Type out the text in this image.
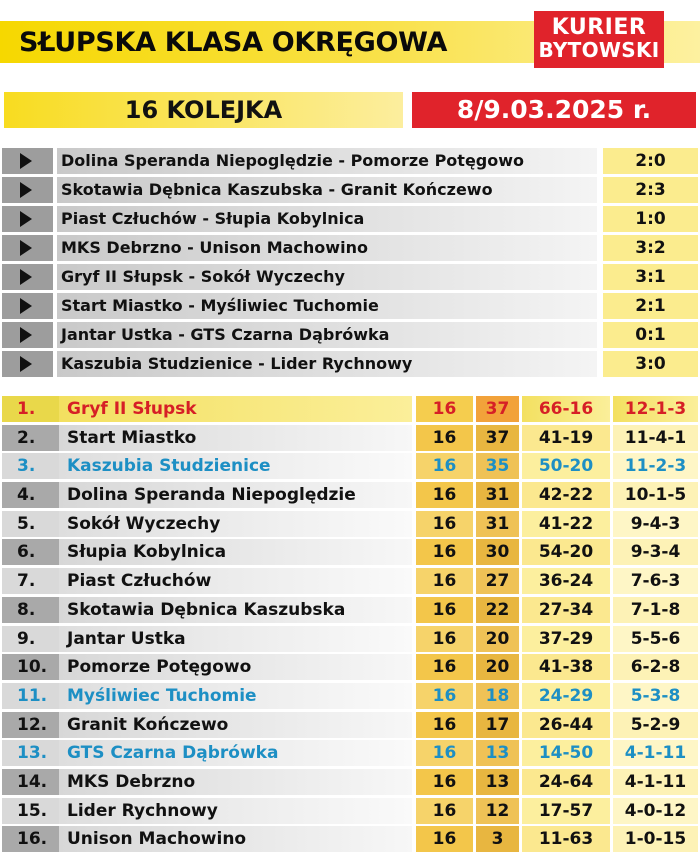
SŁUPSKA KLASA OKRĘGOWA	KURIER
BYTOWSKI
16 KOLEJKA	8/9.03.2025 r.
Dolina Speranda Niepoględzie - Pomorze Potęgowo	2:0
Skotawia Dębnica Kaszubska - Granit Kończewo	2:3
Piast Człuchów - Słupia Kobylnica	1:0
MKS Debrzno - Unison Machowino	3:2
Gryf II Słupsk - Sokół Wyczechy	3:1
Start Miastko - Myśliwiec Tuchomie	2:1
Jantar Ustka - GTS Czarna Dąbrówka	0:1
Kaszubia Studzienice - Lider Rychnowy	3:0
1.	Gryf II Słupsk	16	37	66-16	12-1-3
2.	Start Miastko	16	37	41-19	11-4-1
3.	Kaszubia Studzienice	16	35	50-20	11-2-3
4.	Dolina Speranda Niepoględzie	16	31	42-22	10-1-5
5.	Sokół Wyczechy	16	31	41-22	9-4-3
6.	Słupia Kobylnica	16	30	54-20	9-3-4
7.	Piast Człuchów	16	27	36-24	7-6-3
8.	Skotawia Dębnica Kaszubska	16	22	27-34	7-1-8
9.	Jantar Ustka	16	20	37-29	5-5-6
10.	Pomorze Potęgowo	16	20	41-38	6-2-8
11.	Myśliwiec Tuchomie	16	18	24-29	5-3-8
12.	Granit Kończewo	16	17	26-44	5-2-9
13.	GTS Czarna Dąbrówka	16	13	14-50	4-1-11
14.	MKS Debrzno	16	13	24-64	4-1-11
15.	Lider Rychnowy	16	12	17-57	4-0-12
16.	Unison Machowino	16	3	11-63	1-0-15
